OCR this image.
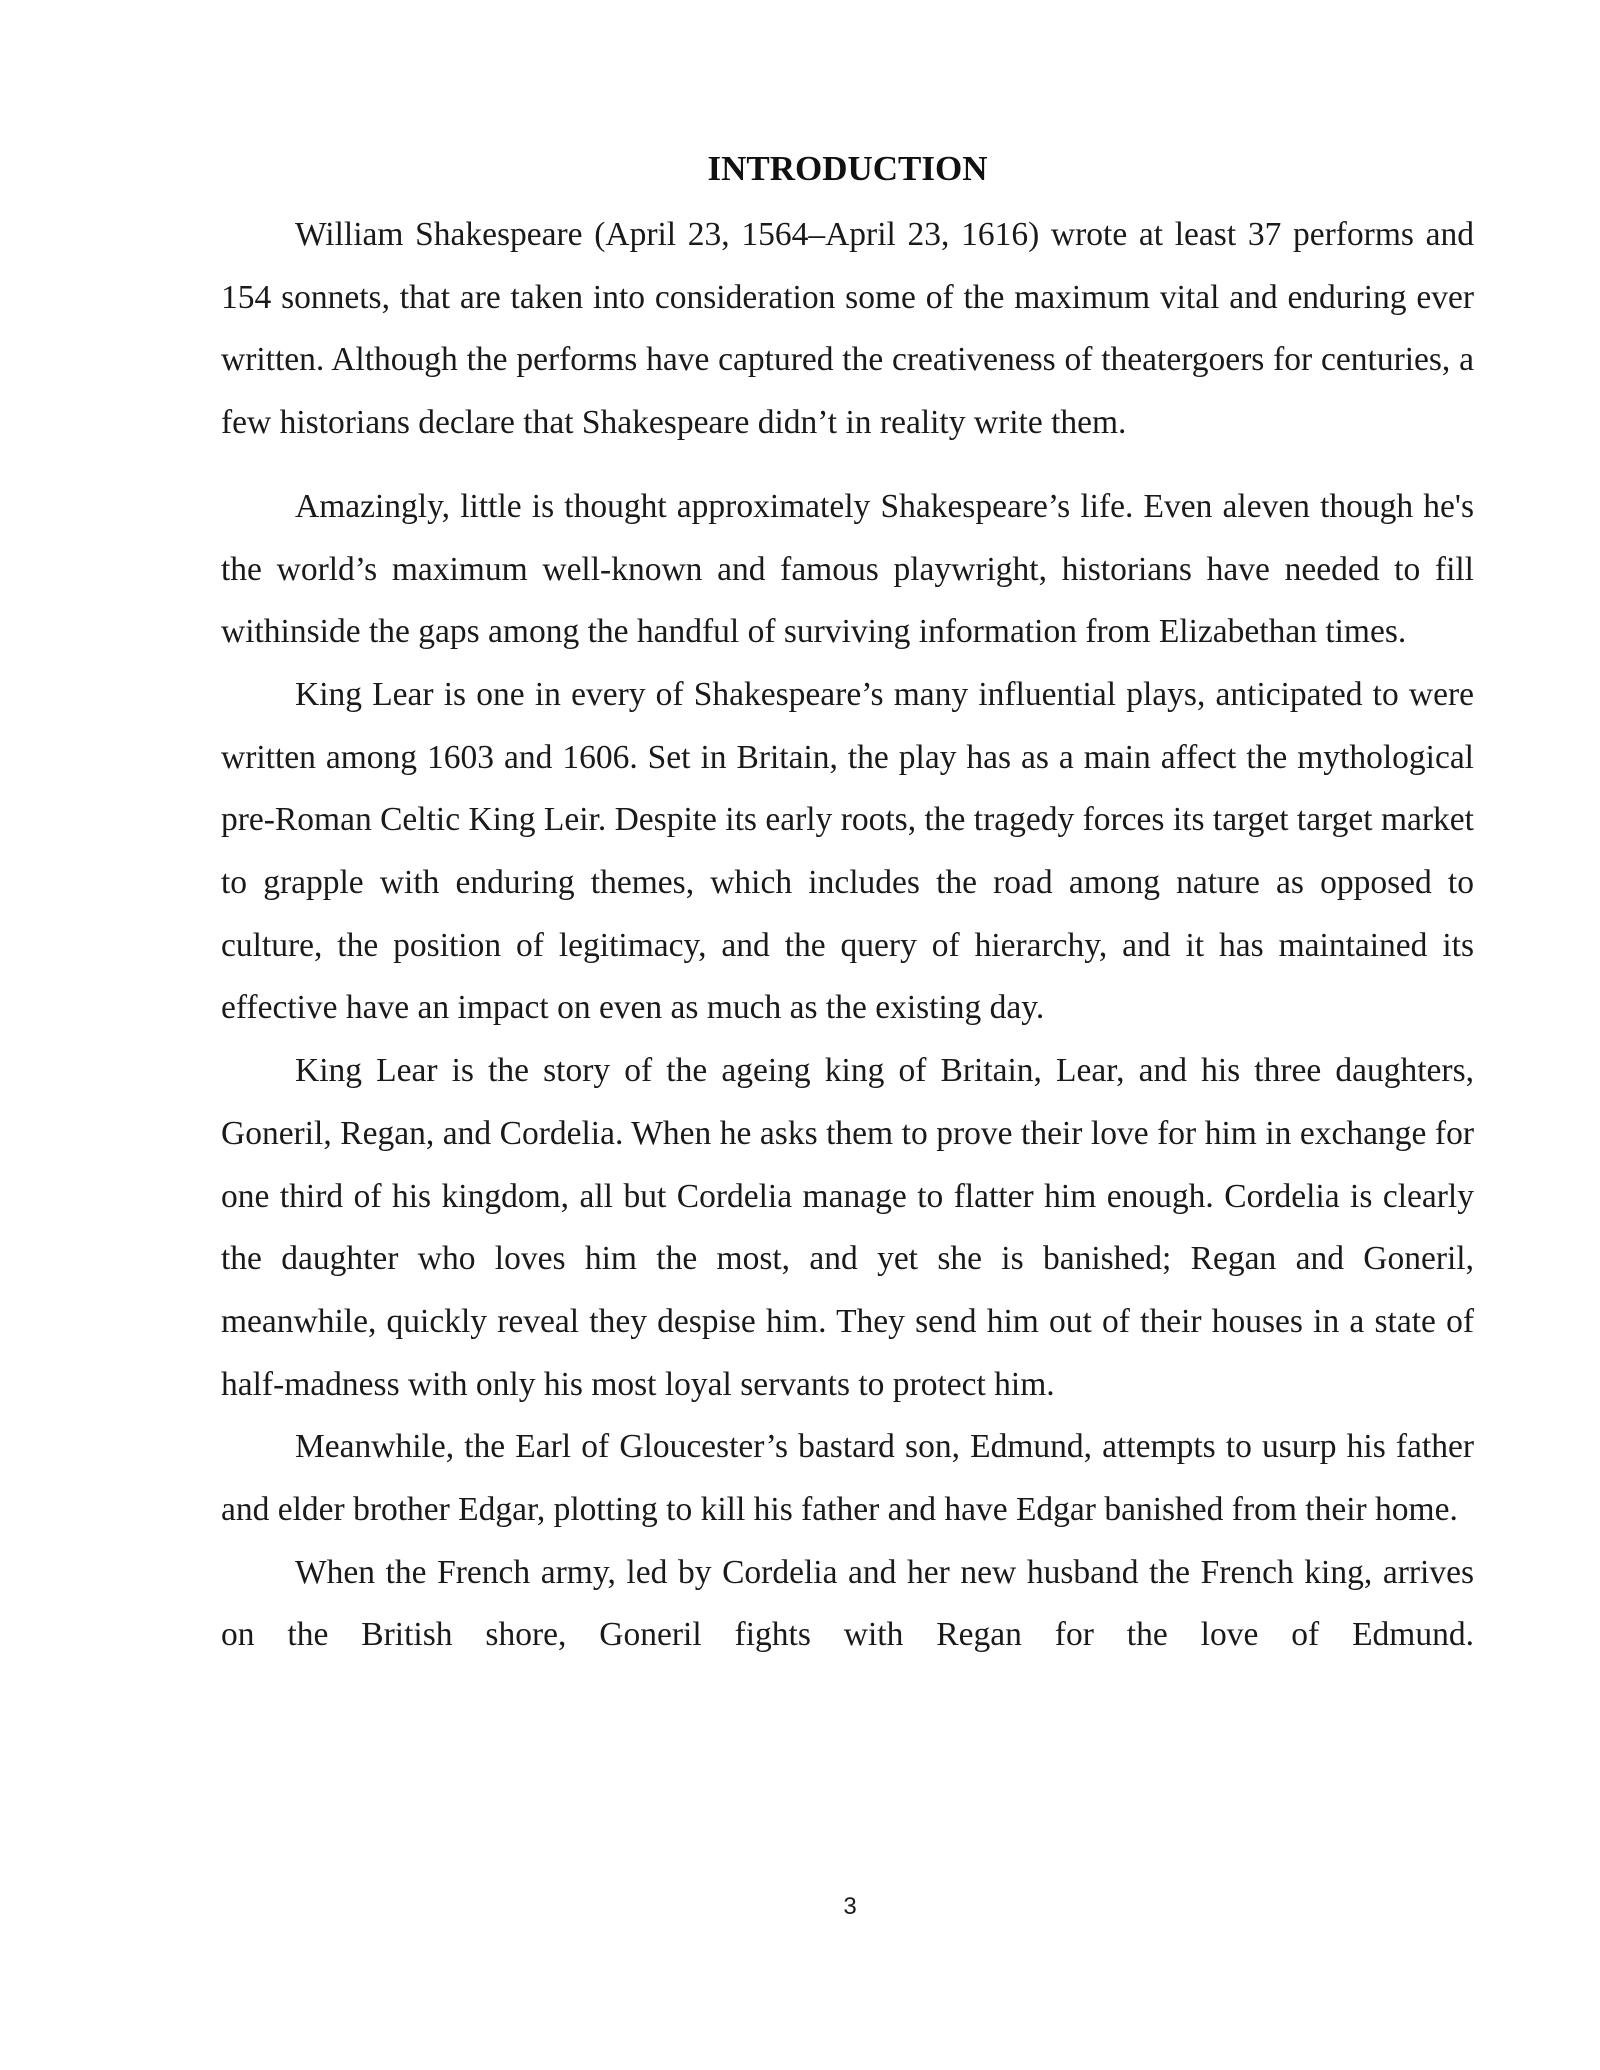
INTRODUCTION

William Shakespeare (April 23, 1564–April 23, 1616) wrote at least 37 performs and 154 sonnets, that are taken into consideration some of the maximum vital and enduring ever written. Although the performs have captured the creativeness of theatergoers for centuries, a few historians declare that Shakespeare didn’t in reality write them.

Amazingly, little is thought approximately Shakespeare’s life. Even aleven though he's the world’s maximum well-known and famous playwright, historians have needed to fill withinside the gaps among the handful of surviving information from Elizabethan times.

King Lear is one in every of Shakespeare’s many influential plays, anticipated to were written among 1603 and 1606. Set in Britain, the play has as a main affect the mythological pre-Roman Celtic King Leir. Despite its early roots, the tragedy forces its target target market to grapple with enduring themes, which includes the road among nature as opposed to culture, the position of legitimacy, and the query of hierarchy, and it has maintained its effective have an impact on even as much as the existing day.

King Lear is the story of the ageing king of Britain, Lear, and his three daughters, Goneril, Regan, and Cordelia. When he asks them to prove their love for him in exchange for one third of his kingdom, all but Cordelia manage to flatter him enough. Cordelia is clearly the daughter who loves him the most, and yet she is banished; Regan and Goneril, meanwhile, quickly reveal they despise him. They send him out of their houses in a state of half-madness with only his most loyal servants to protect him.

Meanwhile, the Earl of Gloucester’s bastard son, Edmund, attempts to usurp his father and elder brother Edgar, plotting to kill his father and have Edgar banished from their home.

When the French army, led by Cordelia and her new husband the French king, arrives on the British shore, Goneril fights with Regan for the love of Edmund.

3
